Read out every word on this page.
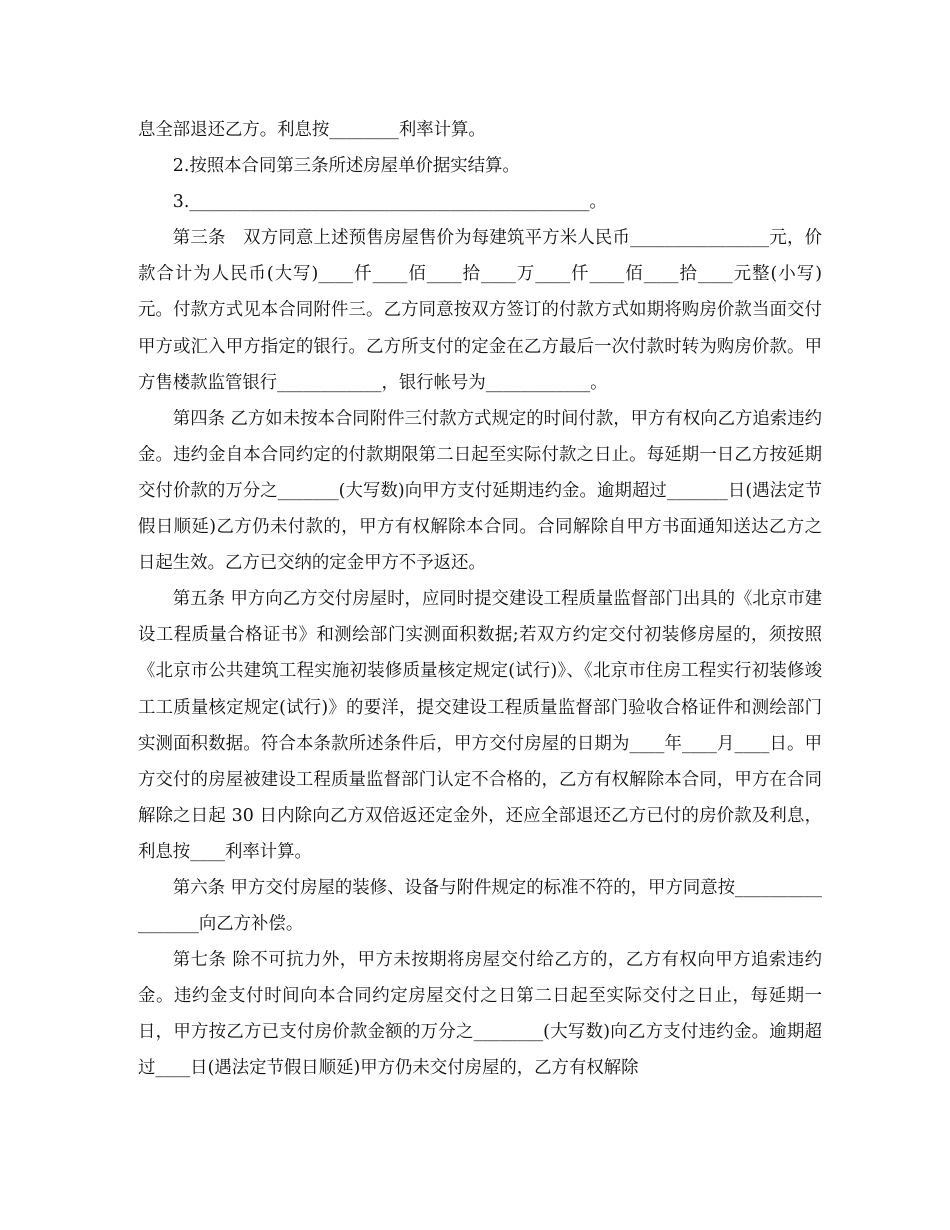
息全部退还乙方。利息按________利率计算。

2.按照本合同第三条所述房屋单价据实结算。

3.______________________________________________。

第三条　双方同意上述预售房屋售价为每建筑平方米人民币________________元，价款合计为人民币(大写)____仟____佰____拾____万____仟____佰____拾____元整(小写)元。付款方式见本合同附件三。乙方同意按双方签订的付款方式如期将购房价款当面交付甲方或汇入甲方指定的银行。乙方所支付的定金在乙方最后一次付款时转为购房价款。甲方售楼款监管银行____________，银行帐号为____________。

第四条 乙方如未按本合同附件三付款方式规定的时间付款，甲方有权向乙方追索违约金。违约金自本合同约定的付款期限第二日起至实际付款之日止。每延期一日乙方按延期交付价款的万分之_______(大写数)向甲方支付延期违约金。逾期超过_______日(遇法定节假日顺延)乙方仍未付款的，甲方有权解除本合同。合同解除自甲方书面通知送达乙方之日起生效。乙方已交纳的定金甲方不予返还。

第五条 甲方向乙方交付房屋时，应同时提交建设工程质量监督部门出具的《北京市建设工程质量合格证书》和测绘部门实测面积数据;若双方约定交付初装修房屋的，须按照《北京市公共建筑工程实施初装修质量核定规定(试行)》、《北京市住房工程实行初装修竣工工质量核定规定(试行)》的要洋，提交建设工程质量监督部门验收合格证件和测绘部门实测面积数据。符合本条款所述条件后，甲方交付房屋的日期为____年____月____日。甲方交付的房屋被建设工程质量监督部门认定不合格的，乙方有权解除本合同，甲方在合同解除之日起 30 日内除向乙方双倍返还定金外，还应全部退还乙方已付的房价款及利息，利息按____利率计算。

第六条 甲方交付房屋的装修、设备与附件规定的标准不符的，甲方同意按_________________向乙方补偿。

第七条 除不可抗力外，甲方未按期将房屋交付给乙方的，乙方有权向甲方追索违约金。违约金支付时间向本合同约定房屋交付之日第二日起至实际交付之日止，每延期一日，甲方按乙方已支付房价款金额的万分之________(大写数)向乙方支付违约金。逾期超过____日(遇法定节假日顺延)甲方仍未交付房屋的，乙方有权解除
